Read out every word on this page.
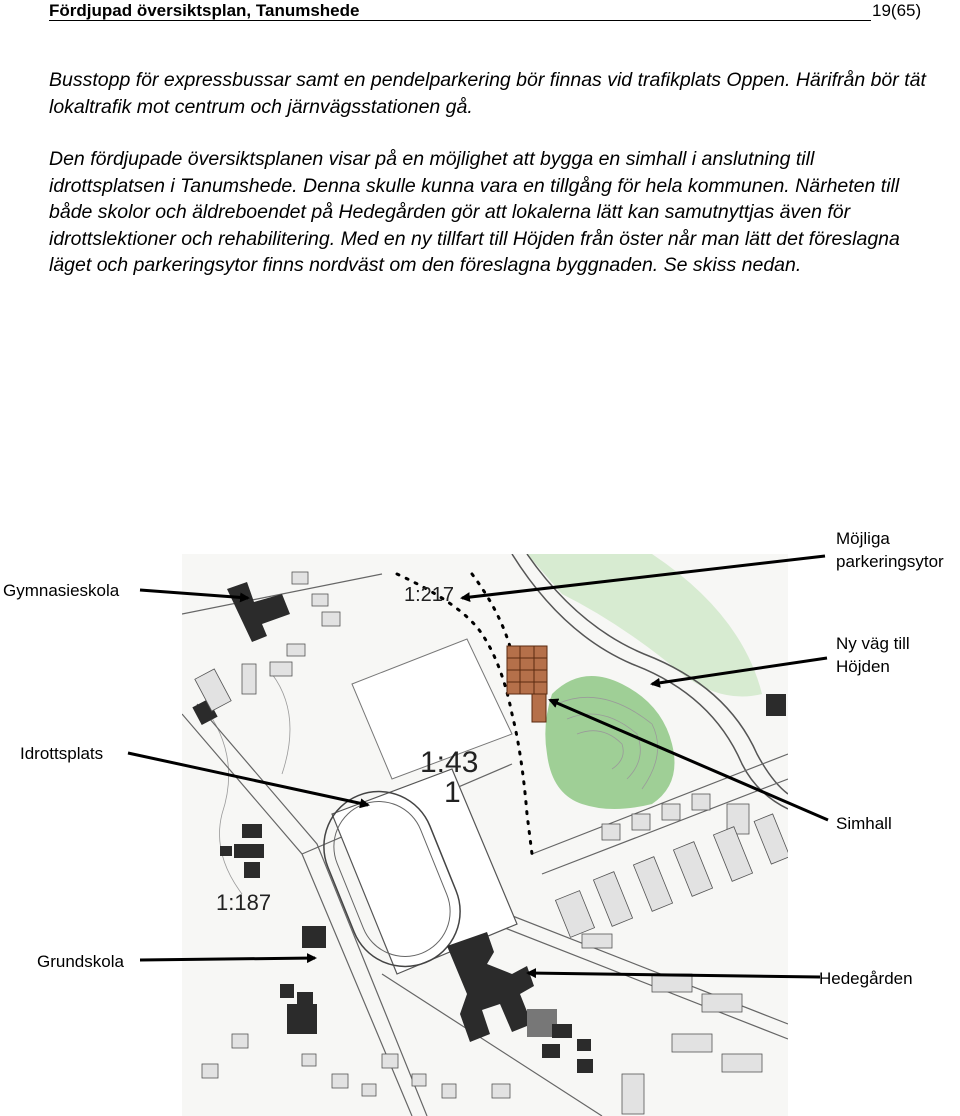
Fördjupad översiktsplan, Tanumshede	19(65)

Busstopp för expressbussar samt en pendelparkering bör finnas vid trafikplats Oppen. Härifrån bör tät lokaltrafik mot centrum och järnvägsstationen gå.

Den fördjupade översiktsplanen visar på en möjlighet att bygga en simhall i anslutning till idrottsplatsen i Tanumshede. Denna skulle kunna vara en tillgång för hela kommunen. Närheten till både skolor och äldreboendet på Hedegården gör att lokalerna lätt kan samutnyttjas även för idrottslektioner och rehabilitering. Med en ny tillfart till Höjden från öster når man lätt det föreslagna läget och parkeringsytor finns nordväst om den föreslagna byggnaden. Se skiss nedan.

1:217
1:43
1
1:187
Gymnasieskola
Idrottsplats
Grundskola
Möjliga
parkeringsytor
Ny väg till
Höjden
Simhall
Hedegården
